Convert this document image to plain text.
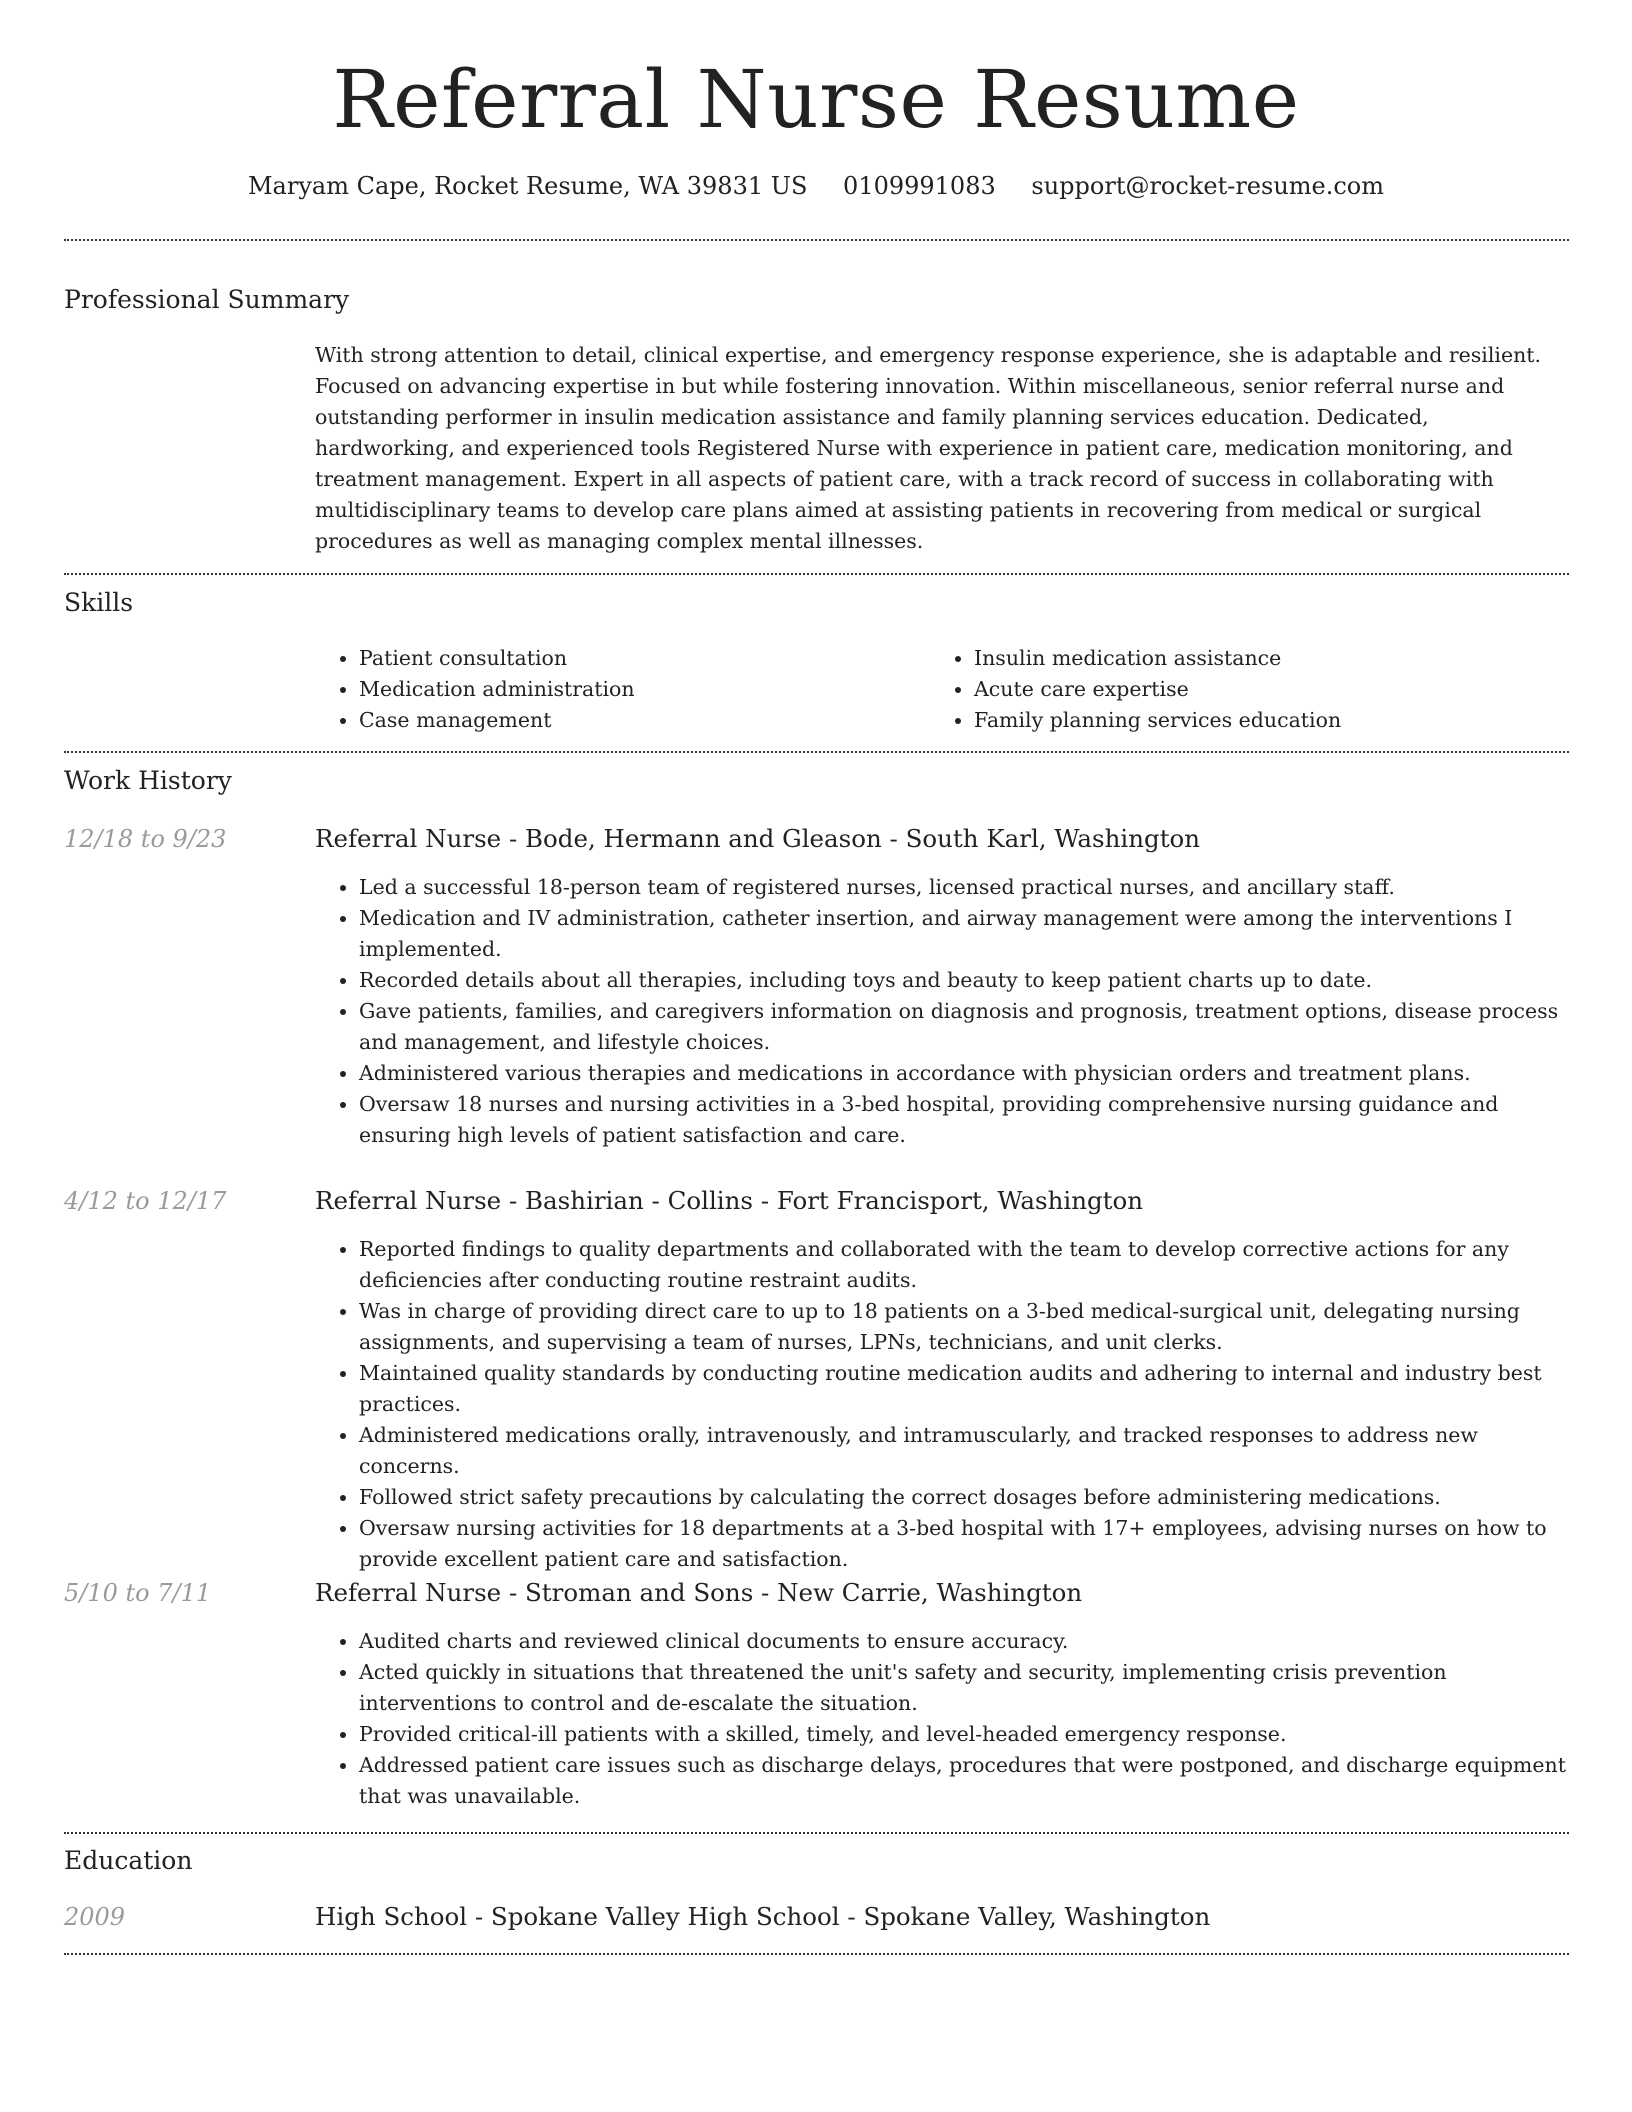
Referral Nurse Resume
Maryam Cape, Rocket Resume, WA 39831 US 0109991083 support@rocket-resume.com
Professional Summary

With strong attention to detail, clinical expertise, and emergency response experience, she is adaptable and resilient. Focused on advancing expertise in but while fostering innovation. Within miscellaneous, senior referral nurse and outstanding performer in insulin medication assistance and family planning services education. Dedicated, hardworking, and experienced tools Registered Nurse with experience in patient care, medication monitoring, and treatment management. Expert in all aspects of patient care, with a track record of success in collaborating with multidisciplinary teams to develop care plans aimed at assisting patients in recovering from medical or surgical procedures as well as managing complex mental illnesses.

Skills
• Patient consultation
• Medication administration
• Case management
• Insulin medication assistance
• Acute care expertise
• Family planning services education
Work History
12/18 to 9/23	Referral Nurse - Bode, Hermann and Gleason - South Karl, Washington
• Led a successful 18-person team of registered nurses, licensed practical nurses, and ancillary staff.
• Medication and IV administration, catheter insertion, and airway management were among the interventions I implemented.
• Recorded details about all therapies, including toys and beauty to keep patient charts up to date.
• Gave patients, families, and caregivers information on diagnosis and prognosis, treatment options, disease process and management, and lifestyle choices.
• Administered various therapies and medications in accordance with physician orders and treatment plans.
• Oversaw 18 nurses and nursing activities in a 3-bed hospital, providing comprehensive nursing guidance and ensuring high levels of patient satisfaction and care.
4/12 to 12/17	Referral Nurse - Bashirian - Collins - Fort Francisport, Washington
• Reported findings to quality departments and collaborated with the team to develop corrective actions for any deficiencies after conducting routine restraint audits.
• Was in charge of providing direct care to up to 18 patients on a 3-bed medical-surgical unit, delegating nursing assignments, and supervising a team of nurses, LPNs, technicians, and unit clerks.
• Maintained quality standards by conducting routine medication audits and adhering to internal and industry best practices.
• Administered medications orally, intravenously, and intramuscularly, and tracked responses to address new concerns.
• Followed strict safety precautions by calculating the correct dosages before administering medications.
• Oversaw nursing activities for 18 departments at a 3-bed hospital with 17+ employees, advising nurses on how to provide excellent patient care and satisfaction.
5/10 to 7/11	Referral Nurse - Stroman and Sons - New Carrie, Washington
• Audited charts and reviewed clinical documents to ensure accuracy.
• Acted quickly in situations that threatened the unit's safety and security, implementing crisis prevention interventions to control and de-escalate the situation.
• Provided critical-ill patients with a skilled, timely, and level-headed emergency response.
• Addressed patient care issues such as discharge delays, procedures that were postponed, and discharge equipment that was unavailable.
Education
2009	High School - Spokane Valley High School - Spokane Valley, Washington
